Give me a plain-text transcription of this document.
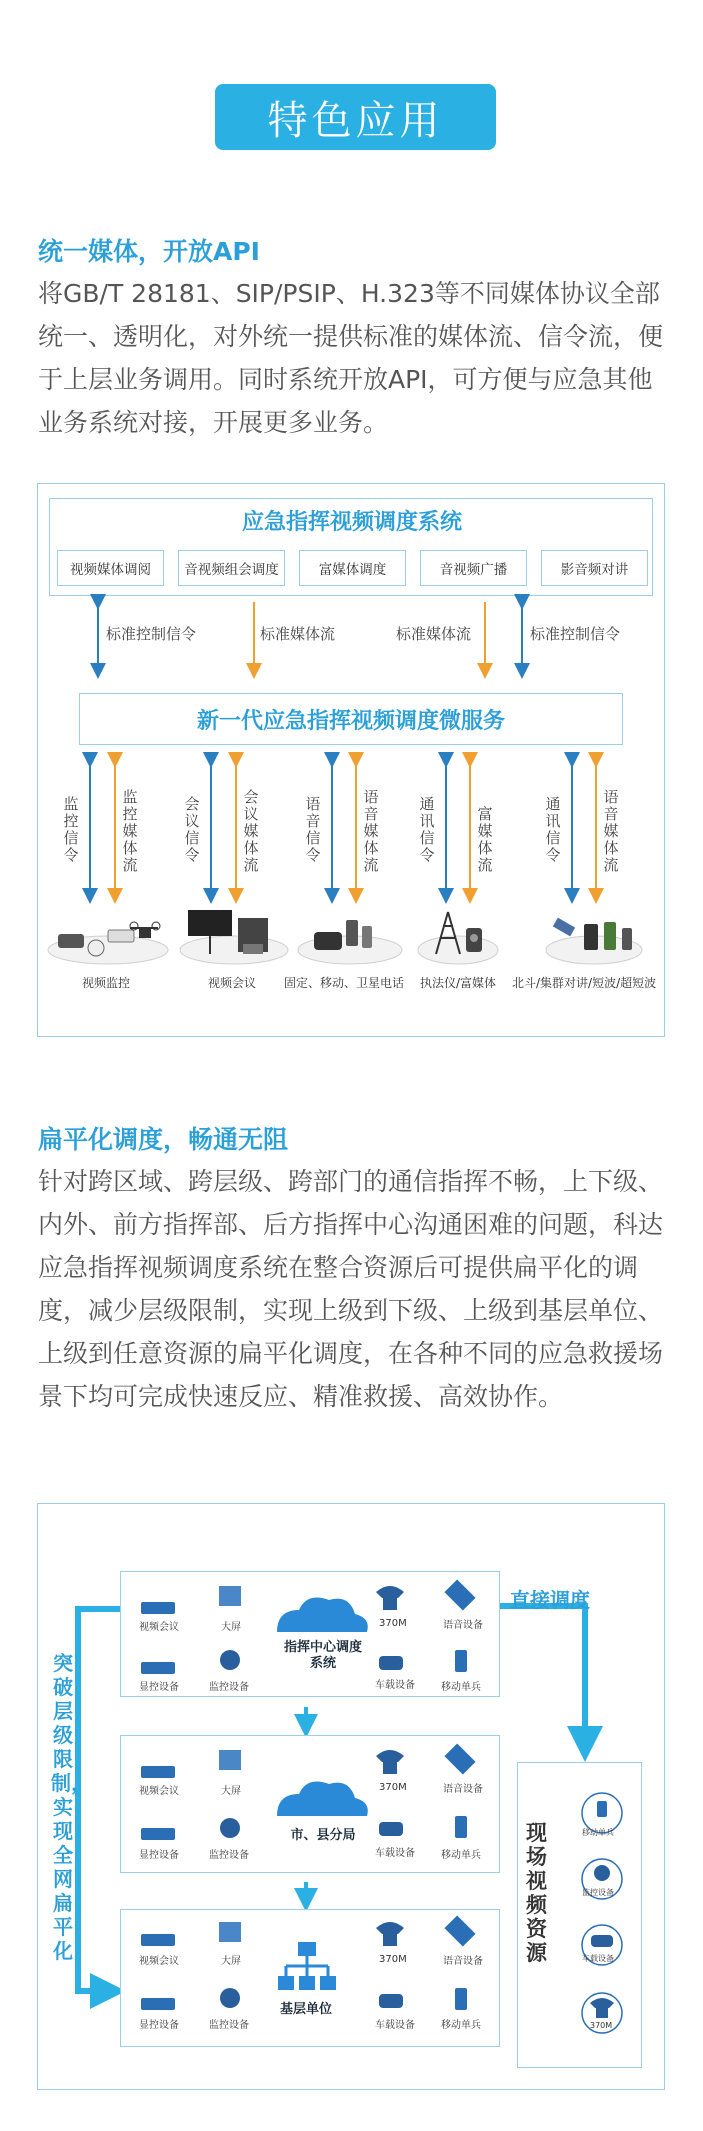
特色应用
统一媒体，开放API
将GB/T 28181、SIP/PSIP、H.323等不同媒体协议全部统一、透明化，对外统一提供标准的媒体流、信令流，便于上层业务调用。同时系统开放API，可方便与应急其他业务系统对接，开展更多业务。
应急指挥视频调度系统
视频媒体调阅	音视频组会调度	富媒体调度	音视频广播	影音频对讲
标准控制信令	标准媒体流	标准媒体流	标准控制信令
新一代应急指挥视频调度微服务
监控信令
监控媒体流
会议信令
会议媒体流
语音信令
语音媒体流
通讯信令
富媒体流
通讯信令
语音媒体流
视频监控	视频会议 固定、移动、卫星电话 执法仪/富媒体 北斗/集群对讲/短波/超短波
扁平化调度，畅通无阻
针对跨区域、跨层级、跨部门的通信指挥不畅，上下级、内外、前方指挥部、后方指挥中心沟通困难的问题，科达应急指挥视频调度系统在整合资源后可提供扁平化的调度，减少层级限制，实现上级到下级、上级到基层单位、上级到任意资源的扁平化调度，在各种不同的应急救援场景下均可完成快速反应、精准救援、高效协作。
突破层级限制，实现全网扁平化
直接调度
视频会议	大屏	370M	语音设备
显控设备	监控设备	车载设备	移动单兵
指挥中心调度系统
视频会议	大屏	370M	语音设备
显控设备	监控设备	车载设备	移动单兵
市、县分局
视频会议	大屏	370M	语音设备
显控设备	监控设备	车载设备	移动单兵
基层单位
现场视频资源
移动单兵
监控设备
车载设备
370M
